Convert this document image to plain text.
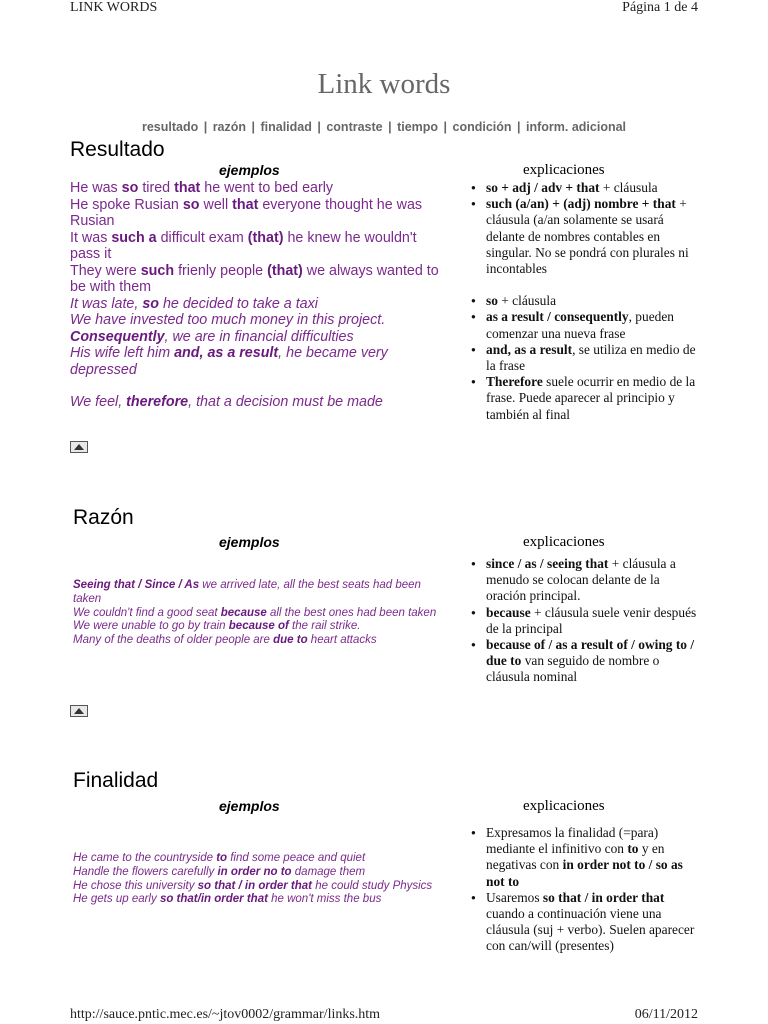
LINK WORDS	Página 1 de 4
http://sauce.pntic.mec.es/~jtov0002/grammar/links.htm	06/11/2012
Link words
resultado | razón | finalidad | contraste | tiempo | condición | inform. adicional
Resultado
ejemplos	explicaciones

He was so tired that he went to bed early

He spoke Rusian so well that everyone thought he was Rusian

It was such a difficult exam (that) he knew he wouldn't pass it

They were such frienly people (that) we always wanted to be with them

It was late, so he decided to take a taxi

We have invested too much money in this project.

Consequently, we are in financial difficulties

His wife left him and, as a result, he became very depressed

We feel, therefore, that a decision must be made

● so + adj / adv + that + cláusula
● such (a/an) + (adj) nombre + that + cláusula (a/an solamente se usará delante de nombres contables en singular. No se pondrá con plurales ni incontables
● so + cláusula
● as a result / consequently, pueden comenzar una nueva frase
● and, as a result, se utiliza en medio de la frase
● Therefore suele ocurrir en medio de la frase. Puede aparecer al principio y también al final
Razón
ejemplos	explicaciones

Seeing that / Since / As we arrived late, all the best seats had been taken

We couldn't find a good seat because all the best ones had been taken

We were unable to go by train because of the rail strike.

Many of the deaths of older people are due to heart attacks

● since / as / seeing that + cláusula a menudo se colocan delante de la oración principal.
● because + cláusula suele venir después de la principal
● because of / as a result of / owing to / due to van seguido de nombre o cláusula nominal
Finalidad
ejemplos	explicaciones

He came to the countryside to find some peace and quiet

Handle the flowers carefully in order no to damage them

He chose this university so that / in order that he could study Physics

He gets up early so that/in order that he won't miss the bus

● Expresamos la finalidad (=para) mediante el infinitivo con to y en negativas con in order not to / so as not to
● Usaremos so that / in order that cuando a continuación viene una cláusula (suj + verbo). Suelen aparecer con can/will (presentes)
